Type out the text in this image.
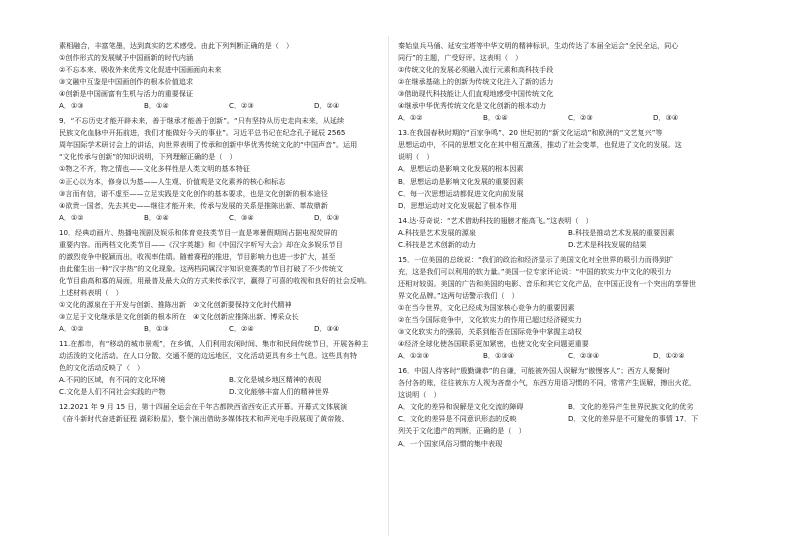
素相融合，丰富笔墨，达到真实的艺术感受。由此下列判断正确的是（　）
①创作形式的发展赋予中国画新的时代内涵
②不忘本来、吸收外来优秀文化促进中国画面向未来
③文融中互鉴是中国画创作的根本价值追求
④创新是中国画富有生机与活力的重要保证
A．①③	B．①④	C．②③	D．②④
9．“不忘历史才能开辟未来，善于继承才能善于创新”。“只有坚持从历史走向未来，从延续
民族文化血脉中开拓前进，我们才能做好今天的事业”。习近平总书记在纪念孔子诞辰 2565
周年国际学术研讨会上的讲话，向世界表明了传承和创新中华优秀传统文化的“中国声音”。运用
“文化传承与创新”的知识说明，下列理解正确的是（　）
①物之不齐，物之情也——文化多样性是人类文明的基本特征
②正心以为本，修身以为基——人生观、价值观是文化素养的核心和标志
③言而有信，诺不虚至——立足实践是文化创作的基本要求，也是文化创新的根本途径
④欲贵一国者，先去其史——继往才能开来，传承与发展的关系是推陈出新、革故鼎新
A．①②	B．②④	C．③④	D．①③
10．经典动画片、热播电视剧及娱乐和体育竞技类节目一直是寒暑假期间占据电视荧屏的
重要内容。而两档文化类节目——《汉字英雄》和《中国汉字听写大会》却在众多娱乐节目
的激烈竞争中脱颖而出，收视率佳绩。随着赛程的推进，节目影响力也进一步扩大，甚至
由此催生出一种“汉字热”的文化现象。这两档同属汉字知识竞赛类的节目打破了不少传统文
化节目曲高和寡的局面，用最普及最大众的方式来传承汉字，赢得了可喜的收视和良好的社会反响。
上述材料表明（　）
①文化的源泉在于开发与创新、推陈出新　②文化创新要保持文化时代精神
③立足于文化继承是文化创新的根本所在　④文化创新应推陈出新、博采众长
A．①②	B．①③	C．②④	D．③④
11.在都市，有“移动的城市景观”，在乡镇，人们利用农闲时间、集市和民间传统节日，开展各种主
动活泼的文化活动。在人口分散、交通不便的边远地区，文化活动更具有乡土气息。这些具有特
色的文化活动反映了（　）
A.不同的区域，有不同的文化环境	B.文化是城乡地区精神的表现
C.文化是人们不同社会实践的产物	D.文化能够丰富人们的精神世界
12.2021 年 9 月 15 日，第十四届全运会在千年古都陕西省西安正式开幕。开幕式文体展演
《奋斗新时代奋进新征程 湖彩盼星》，整个演出借助多媒体技术和声光电手段展现了黄帝陵、
秦始皇兵马俑、延安宝塔等中华文明的精神标识，生动传达了本届全运会“全民全运，同心
同行”的主题，广受好评。这表明（　）
①传统文化的发展必须融入流行元素和高科技手段
②在继承基础上的创新为传统文化注入了新的活力
③借助现代科技能让人们直观地感受中国传统文化
④继承中华优秀传统文化是文化创新的根本动力
A．①②	B．①④	C．②③	D．③④
13.在我国春秋时期的“百家争鸣”、20 世纪初的“新文化运动”和欧洲的“文艺复兴”等
思想运动中，不同的思想文化在其中相互激荡，推动了社会变革，也促进了文化的发展。这
说明（　）
A．思想运动是影响文化发展的根本因素
B．思想运动是影响文化发展的重要因素
C．每一次思想运动都促进文化向前发展
D．思想运动对文化发展起了根本作用
14.达·芬奇说：“艺术借助科技的翅膀才能高飞。”这表明（　）
A.科技是艺术发展的源泉	B.科技是推动艺术发展的重要因素
C.科技是艺术创新的动力	D.艺术是科技发展的结果
15．一位美国的总统说：“我们的政治和经济显示了美国文化对全世界的吸引力而得到扩
充，这是我们可以利用的软力量。”美国一位专家评论说：“中国的软实力中文化的吸引力
还相对较弱。美国的广告和美国的电影、音乐和其它文化产品，在中国正没有一个突出的享誉世
界文化品牌。”这两句话警示我们（　）
①在当今世界，文化已经成为国家核心竞争力的重要因素
②在当今国际竞争中，文化软实力的作用已超过经济硬实力
③文化软实力的强弱，关系到能否在国际竞争中掌握主动权
④经济全球化使各国联系更加紧密，也使文化安全问题更重要
A．①②③	B．①③④	C．②③④	D．①②④
16．中国人待客时“殷勤谦恭”的自谦，可能被外国人误解为“傲慢客人”；西方人聚餐时
各付各的账，往往被东方人视为吝啬小气，东西方用语习惯的不同，常常产生误解，擦出火花，
这说明（　）
A．文化的差异和误解是文化交流的障碍	B．文化的差异产生世界民族文化的优劣
C．文化的差异是不同意识形态的反映	D．文化的差异是不可避免的事情 17．下
列关于文化遗产的判断，正确的是（　）
A．一个国家风俗习惯的集中表现
